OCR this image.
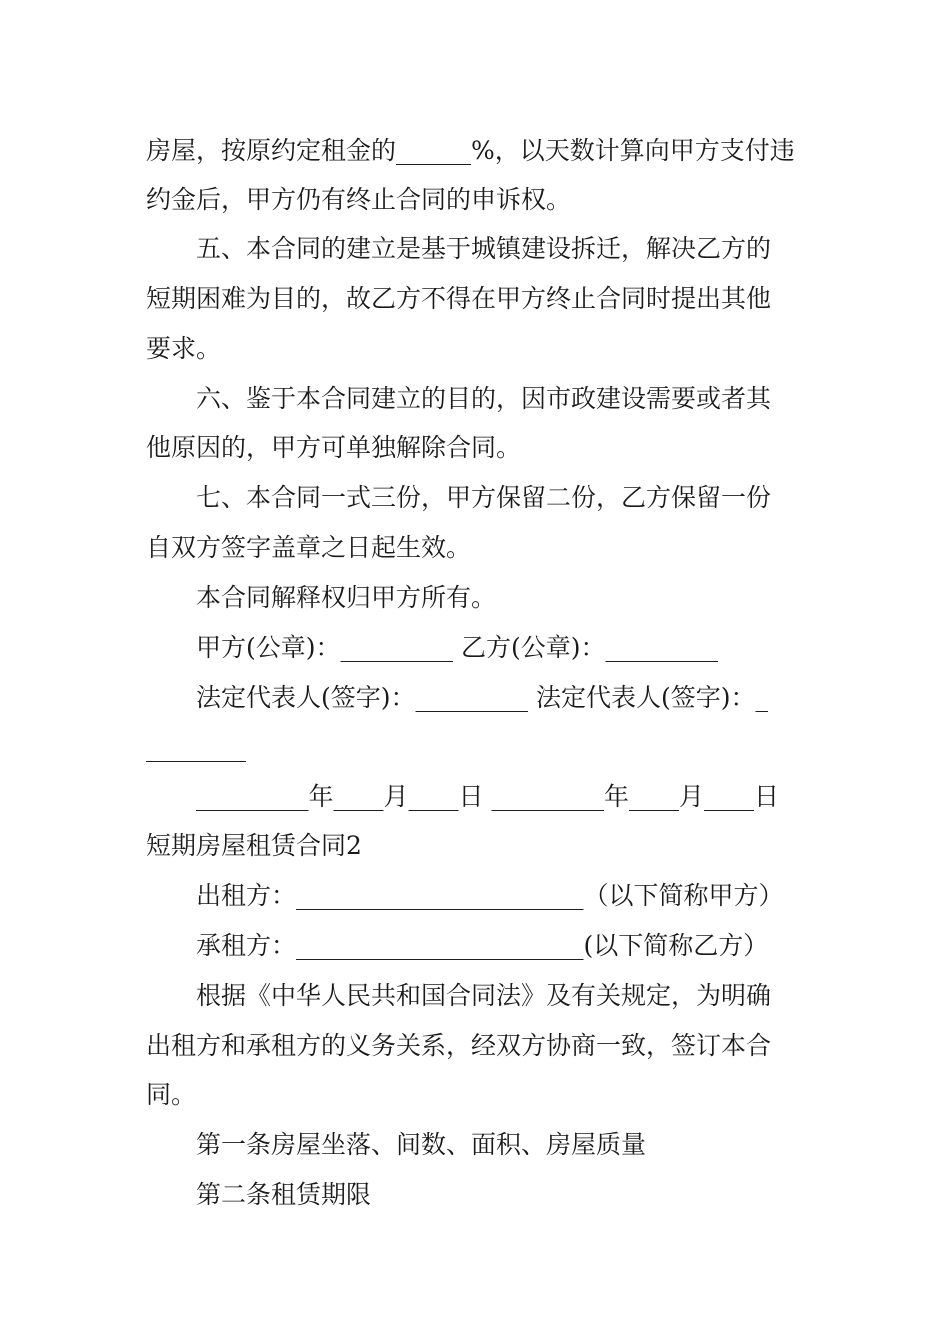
房屋，按原约定租金的______%，以天数计算向甲方支付违

约金后，甲方仍有终止合同的申诉权。

五、本合同的建立是基于城镇建设拆迁，解决乙方的

短期困难为目的，故乙方不得在甲方终止合同时提出其他

要求。

六、鉴于本合同建立的目的，因市政建设需要或者其

他原因的，甲方可单独解除合同。

七、本合同一式三份，甲方保留二份，乙方保留一份

自双方签字盖章之日起生效。

本合同解释权归甲方所有。

甲方(公章)：_________ 乙方(公章)：_________

法定代表人(签字)：_________ 法定代表人(签字)：_

________

_________年____月____日 _________年____月____日

短期房屋租赁合同2

出租方：_______________________（以下简称甲方）

承租方：_______________________(以下简称乙方）

根据《中华人民共和国合同法》及有关规定，为明确

出租方和承租方的义务关系，经双方协商一致，签订本合

同。

第一条房屋坐落、间数、面积、房屋质量

第二条租赁期限
